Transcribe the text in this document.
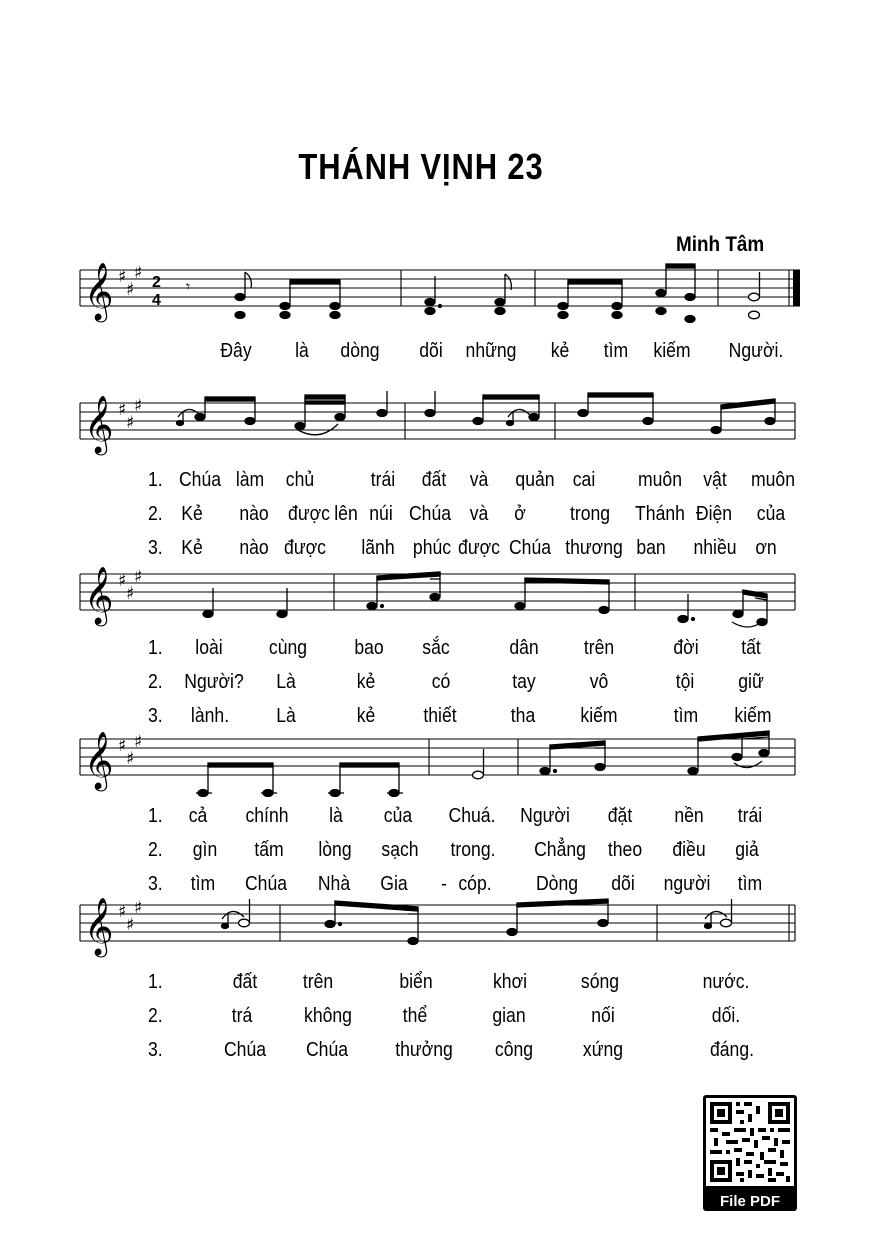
THÁNH VỊNH 23
Minh Tâm
𝄞 ♯
♯
♯ 2
4
𝄾
Đây là dòng dõi những kẻ tìm kiếm Người.
𝄞 ♯
♯
♯
1. Chúa làm chủ	trái đất và quản cai muôn vật muôn
2. Kẻ nào được lên núi Chúa và ở trong Thánh Điện của
3. Kẻ nào được lãnh phúc được Chúa thương ban nhiều ơn
𝄞 ♯
♯
♯
1. loài cùng bao sắc	dân trên	đời tất
2. Người? Là	kẻ	có	tay	vô	tội giữ
3. lành. Là	kẻ thiết	tha kiếm	tìm kiếm
𝄞 ♯
♯
♯
1. cả chính là của Chuá. Người đặt nền trái
2. gìn tấm lòng sạch trong. Chẳng theo điều giả
3. tìm Chúa Nhà Gia - cóp. Dòng dõi người tìm
𝄞 ♯
♯
♯
1.	đất trên	biển	khơi	sóng	nước.
2.	trá	không	thể	gian	nối	dối.
3.	Chúa Chúa thưởng công xứng	đáng.
File PDF
